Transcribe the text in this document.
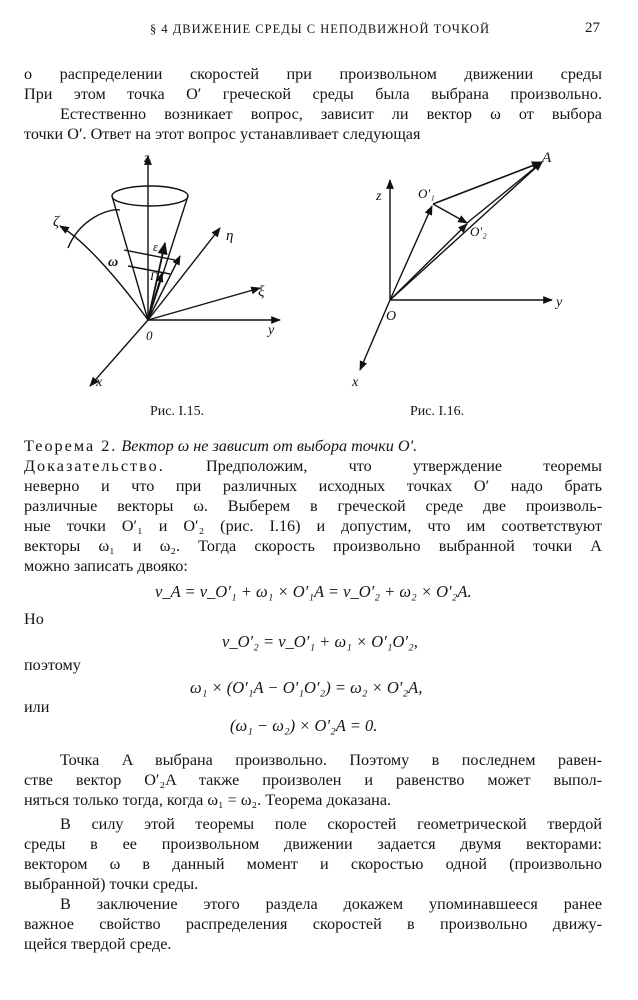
§ 4 ДВИЖЕНИЕ СРЕДЫ С НЕПОДВИЖНОЙ ТОЧКОЙ	27
о распределении скоростей при произвольном движении среды
При этом точка O′ греческой среды была выбрана произвольно.
Естественно возникает вопрос, зависит ли вектор ω от выбора
точки O′. Ответ на этот вопрос устанавливает следующая
z
ζ
ε
ω
Γ
η
ξ
y
0
x
A
z	O′₁
O′₂
y
O
x
Рис. I.15.	Рис. I.16.
Теорема 2. Вектор ω не зависит от выбора точки O′.
Доказательство.	Предположим, что утверждение теоремы
неверно и что при различных исходных точках O′ надо брать
различные векторы ω. Выберем в греческой среде две произволь-
ные точки O′₁ и O′₂ (рис. I.16) и допустим, что им соответствуют
векторы ω₁ и ω₂. Тогда скорость произвольно выбранной точки A
можно записать двояко:
v_A = v_O′₁ + ω₁ × O′₁A = v_O′₂ + ω₂ × O′₂A.
Но
v_O′₂ = v_O′₁ + ω₁ × O′₁O′₂,
поэтому
ω₁ × (O′₁A − O′₁O′₂) = ω₂ × O′₂A,
или
(ω₁ − ω₂) × O′₂A = 0.
Точка A выбрана произвольно. Поэтому в последнем равен-
стве вектор O′₂A также произволен и равенство может выпол-
няться только тогда, когда ω₁ = ω₂. Теорема доказана.
В силу этой теоремы поле скоростей геометрической твердой
среды в ее произвольном движении задается двумя векторами:
вектором ω в данный момент и скоростью одной (произвольно
выбранной) точки среды.
В заключение этого раздела докажем упоминавшееся ранее
важное свойство распределения скоростей в произвольно движу-
щейся твердой среде.
